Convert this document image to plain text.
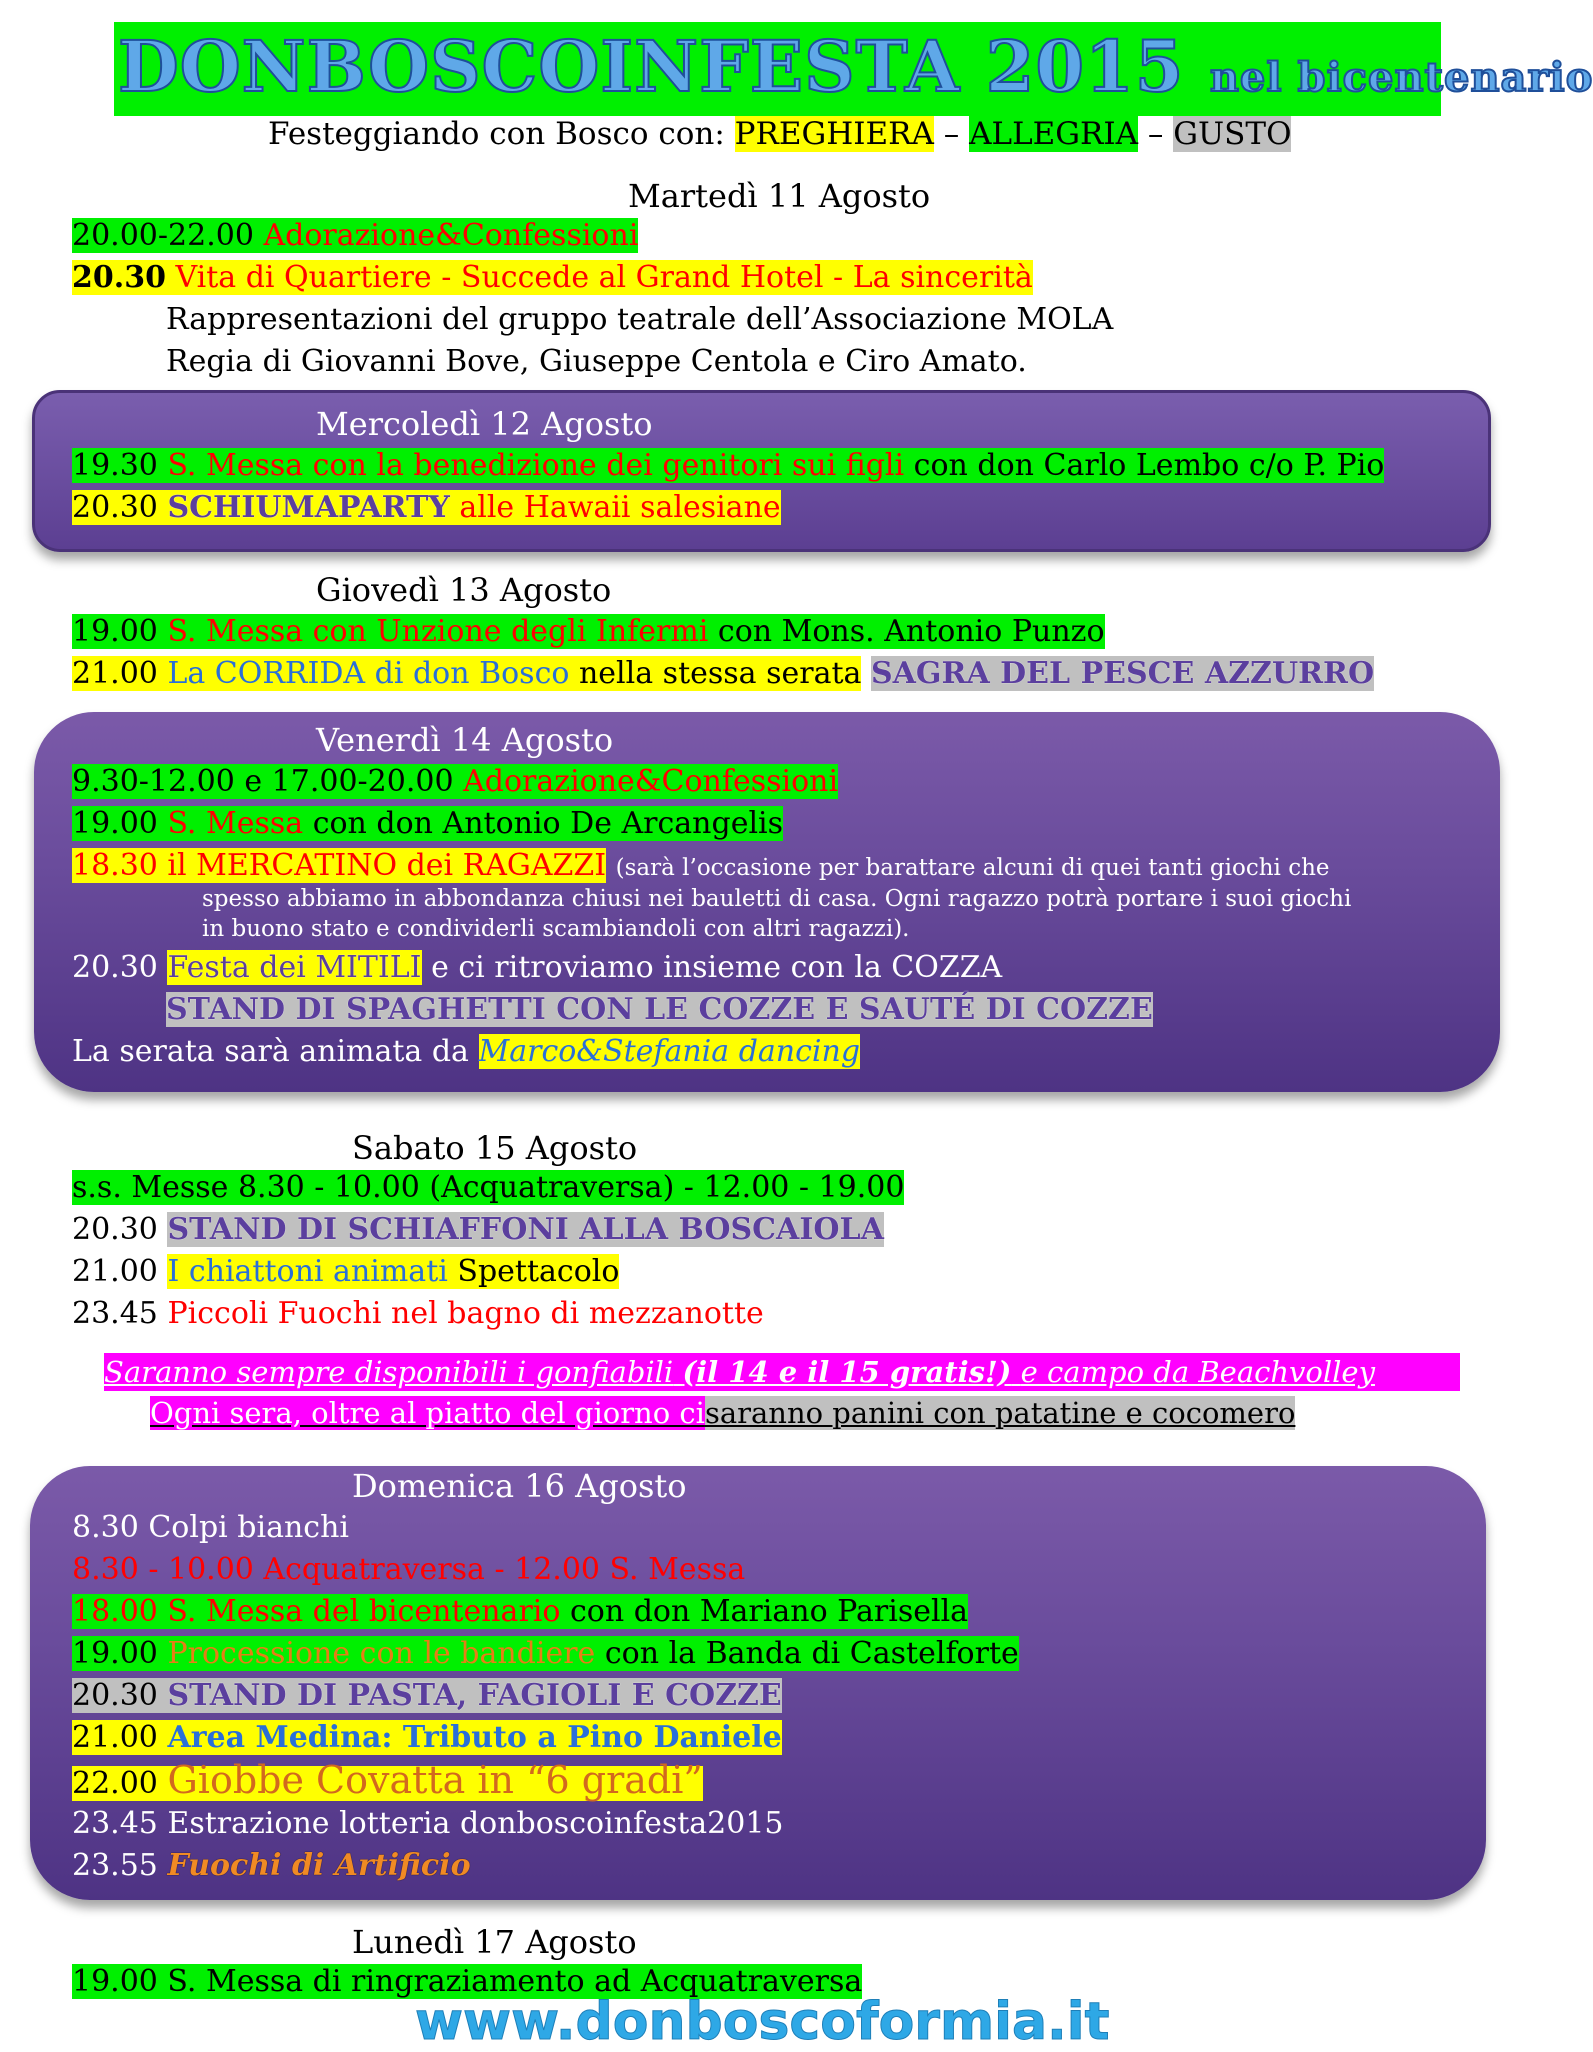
DONBOSCOINFESTA 2015 nel bicentenario
Festeggiando con Bosco con: PREGHIERA – ALLEGRIA – GUSTO
Martedì 11 Agosto
20.00-22.00 Adorazione&Confessioni
20.30 Vita di Quartiere - Succede al Grand Hotel - La sincerità
Rappresentazioni del gruppo teatrale dell’Associazione MOLA
Regia di Giovanni Bove, Giuseppe Centola e Ciro Amato.
Mercoledì 12 Agosto
19.30 S. Messa con la benedizione dei genitori sui figli con don Carlo Lembo c/o P. Pio
20.30 SCHIUMAPARTY alle Hawaii salesiane
Giovedì 13 Agosto
19.00 S. Messa con Unzione degli Infermi con Mons. Antonio Punzo
21.00 La CORRIDA di don Bosco nella stessa serata SAGRA DEL PESCE AZZURRO
Venerdì 14 Agosto
9.30-12.00 e 17.00-20.00 Adorazione&Confessioni
19.00 S. Messa con don Antonio De Arcangelis
18.30 il MERCATINO dei RAGAZZI (sarà l’occasione per barattare alcuni di quei tanti giochi che
spesso abbiamo in abbondanza chiusi nei bauletti di casa. Ogni ragazzo potrà portare i suoi giochi
in buono stato e condividerli scambiandoli con altri ragazzi).
20.30 Festa dei MITILI e ci ritroviamo insieme con la COZZA
STAND DI SPAGHETTI CON LE COZZE E SAUTÉ DI COZZE
La serata sarà animata da Marco&Stefania dancing
Sabato 15 Agosto
s.s. Messe 8.30 - 10.00 (Acquatraversa) - 12.00 - 19.00
20.30 STAND DI SCHIAFFONI ALLA BOSCAIOLA
21.00 I chiattoni animati Spettacolo
23.45 Piccoli Fuochi nel bagno di mezzanotte
Saranno sempre disponibili i gonfiabili (il 14 e il 15 gratis!) e campo da Beachvolley
Ogni sera, oltre al piatto del giorno cisaranno panini con patatine e cocomero
Domenica 16 Agosto
8.30 Colpi bianchi
8.30 - 10.00 Acquatraversa - 12.00 S. Messa
18.00 S. Messa del bicentenario con don Mariano Parisella
19.00 Processione con le bandiere con la Banda di Castelforte
20.30 STAND DI PASTA, FAGIOLI E COZZE
21.00 Area Medina: Tributo a Pino Daniele
22.00 Giobbe Covatta in “6 gradi”
23.45 Estrazione lotteria donboscoinfesta2015
23.55 Fuochi di Artificio
Lunedì 17 Agosto
19.00 S. Messa di ringraziamento ad Acquatraversa
www.donboscoformia.it
